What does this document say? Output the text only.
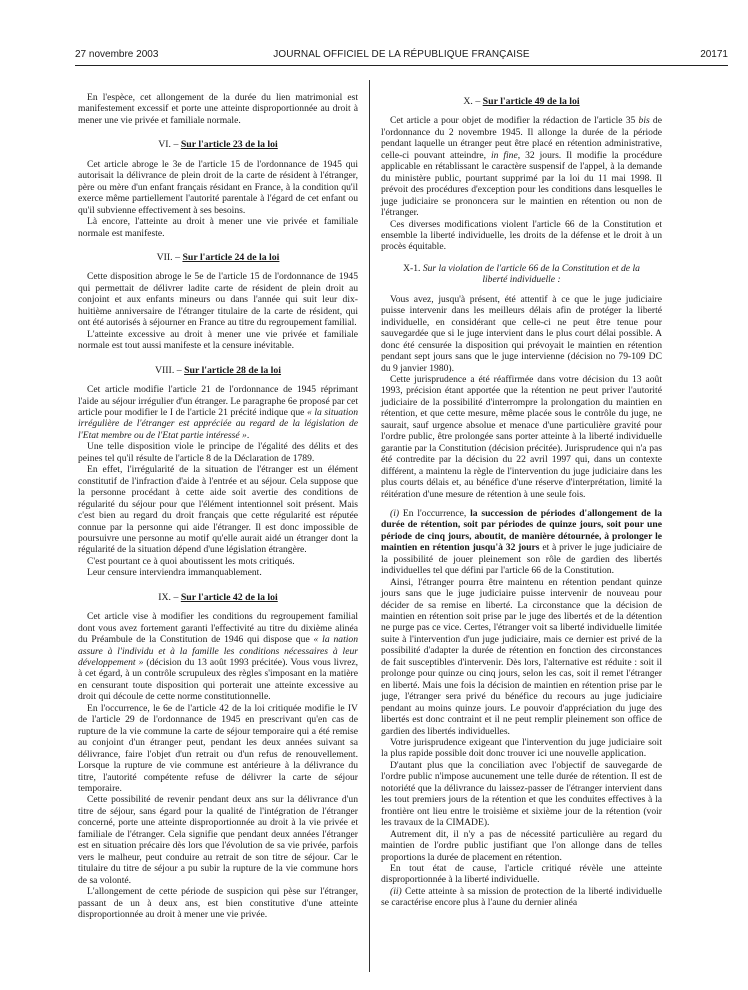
27 novembre 2003	JOURNAL OFFICIEL DE LA RÉPUBLIQUE FRANÇAISE	20171

En l'espèce, cet allongement de la durée du lien matrimonial est manifestement excessif et porte une atteinte disproportionnée au droit à mener une vie privée et familiale normale.

VI. – Sur l'article 23 de la loi

Cet article abroge le 3e de l'article 15 de l'ordonnance de 1945 qui autorisait la délivrance de plein droit de la carte de résident à l'étranger, père ou mère d'un enfant français résidant en France, à la condition qu'il exerce même partiellement l'autorité parentale à l'égard de cet enfant ou qu'il subvienne effectivement à ses besoins.

Là encore, l'atteinte au droit à mener une vie privée et familiale normale est manifeste.

VII. – Sur l'article 24 de la loi

Cette disposition abroge le 5e de l'article 15 de l'ordonnance de 1945 qui permettait de délivrer ladite carte de résident de plein droit au conjoint et aux enfants mineurs ou dans l'année qui suit leur dix-huitième anniversaire de l'étranger titulaire de la carte de résident, qui ont été autorisés à séjourner en France au titre du regroupement familial.

L'atteinte excessive au droit à mener une vie privée et familiale normale est tout aussi manifeste et la censure inévitable.

VIII. – Sur l'article 28 de la loi

Cet article modifie l'article 21 de l'ordonnance de 1945 réprimant l'aide au séjour irrégulier d'un étranger. Le paragraphe 6e proposé par cet article pour modifier le I de l'article 21 précité indique que « la situation irrégulière de l'étranger est appréciée au regard de la législation de l'Etat membre ou de l'Etat partie intéressé ».

Une telle disposition viole le principe de l'égalité des délits et des peines tel qu'il résulte de l'article 8 de la Déclaration de 1789.

En effet, l'irrégularité de la situation de l'étranger est un élément constitutif de l'infraction d'aide à l'entrée et au séjour. Cela suppose que la personne procédant à cette aide soit avertie des conditions de régularité du séjour pour que l'élément intentionnel soit présent. Mais c'est bien au regard du droit français que cette régularité est réputée connue par la personne qui aide l'étranger. Il est donc impossible de poursuivre une personne au motif qu'elle aurait aidé un étranger dont la régularité de la situation dépend d'une législation étrangère.

C'est pourtant ce à quoi aboutissent les mots critiqués.

Leur censure interviendra immanquablement.

IX. – Sur l'article 42 de la loi

Cet article vise à modifier les conditions du regroupement familial dont vous avez fortement garanti l'effectivité au titre du dixième alinéa du Préambule de la Constitution de 1946 qui dispose que « la nation assure à l'individu et à la famille les conditions nécessaires à leur développement » (décision du 13 août 1993 précitée). Vous vous livrez, à cet égard, à un contrôle scrupuleux des règles s'imposant en la matière en censurant toute disposition qui porterait une atteinte excessive au droit qui découle de cette norme constitutionnelle.

En l'occurrence, le 6e de l'article 42 de la loi critiquée modifie le IV de l'article 29 de l'ordonnance de 1945 en prescrivant qu'en cas de rupture de la vie commune la carte de séjour temporaire qui a été remise au conjoint d'un étranger peut, pendant les deux années suivant sa délivrance, faire l'objet d'un retrait ou d'un refus de renouvellement. Lorsque la rupture de vie commune est antérieure à la délivrance du titre, l'autorité compétente refuse de délivrer la carte de séjour temporaire.

Cette possibilité de revenir pendant deux ans sur la délivrance d'un titre de séjour, sans égard pour la qualité de l'intégration de l'étranger concerné, porte une atteinte disproportionnée au droit à la vie privée et familiale de l'étranger. Cela signifie que pendant deux années l'étranger est en situation précaire dès lors que l'évolution de sa vie privée, parfois vers le malheur, peut conduire au retrait de son titre de séjour. Car le titulaire du titre de séjour a pu subir la rupture de la vie commune hors de sa volonté.

L'allongement de cette période de suspicion qui pèse sur l'étranger, passant de un à deux ans, est bien constitutive d'une atteinte disproportionnée au droit à mener une vie privée.

X. – Sur l'article 49 de la loi

Cet article a pour objet de modifier la rédaction de l'article 35 bis de l'ordonnance du 2 novembre 1945. Il allonge la durée de la période pendant laquelle un étranger peut être placé en rétention administrative, celle-ci pouvant atteindre, in fine, 32 jours. Il modifie la procédure applicable en rétablissant le caractère suspensif de l'appel, à la demande du ministère public, pourtant supprimé par la loi du 11 mai 1998. Il prévoit des procédures d'exception pour les conditions dans lesquelles le juge judiciaire se prononcera sur le maintien en rétention ou non de l'étranger.

Ces diverses modifications violent l'article 66 de la Constitution et ensemble la liberté individuelle, les droits de la défense et le droit à un procès équitable.

X-1. Sur la violation de l'article 66 de la Constitution et de la liberté individuelle :

Vous avez, jusqu'à présent, été attentif à ce que le juge judiciaire puisse intervenir dans les meilleurs délais afin de protéger la liberté individuelle, en considérant que celle-ci ne peut être tenue pour sauvegardée que si le juge intervient dans le plus court délai possible. A donc été censurée la disposition qui prévoyait le maintien en rétention pendant sept jours sans que le juge intervienne (décision no 79-109 DC du 9 janvier 1980).

Cette jurisprudence a été réaffirmée dans votre décision du 13 août 1993, précision étant apportée que la rétention ne peut priver l'autorité judiciaire de la possibilité d'interrompre la prolongation du maintien en rétention, et que cette mesure, même placée sous le contrôle du juge, ne saurait, sauf urgence absolue et menace d'une particulière gravité pour l'ordre public, être prolongée sans porter atteinte à la liberté individuelle garantie par la Constitution (décision précitée). Jurisprudence qui n'a pas été contredite par la décision du 22 avril 1997 qui, dans un contexte différent, a maintenu la règle de l'intervention du juge judiciaire dans les plus courts délais et, au bénéfice d'une réserve d'interprétation, limité la réitération d'une mesure de rétention à une seule fois.

(i) En l'occurrence, la succession de périodes d'allongement de la durée de rétention, soit par périodes de quinze jours, soit pour une période de cinq jours, aboutit, de manière détournée, à prolonger le maintien en rétention jusqu'à 32 jours et à priver le juge judiciaire de la possibilité de jouer pleinement son rôle de gardien des libertés individuelles tel que défini par l'article 66 de la Constitution.

Ainsi, l'étranger pourra être maintenu en rétention pendant quinze jours sans que le juge judiciaire puisse intervenir de nouveau pour décider de sa remise en liberté. La circonstance que la décision de maintien en rétention soit prise par le juge des libertés et de la détention ne purge pas ce vice. Certes, l'étranger voit sa liberté individuelle limitée suite à l'intervention d'un juge judiciaire, mais ce dernier est privé de la possibilité d'adapter la durée de rétention en fonction des circonstances de fait susceptibles d'intervenir. Dès lors, l'alternative est réduite : soit il prolonge pour quinze ou cinq jours, selon les cas, soit il remet l'étranger en liberté. Mais une fois la décision de maintien en rétention prise par le juge, l'étranger sera privé du bénéfice du recours au juge judiciaire pendant au moins quinze jours. Le pouvoir d'appréciation du juge des libertés est donc contraint et il ne peut remplir pleinement son office de gardien des libertés individuelles.

Votre jurisprudence exigeant que l'intervention du juge judiciaire soit la plus rapide possible doit donc trouver ici une nouvelle application.

D'autant plus que la conciliation avec l'objectif de sauvegarde de l'ordre public n'impose aucunement une telle durée de rétention. Il est de notoriété que la délivrance du laissez-passer de l'étranger intervient dans les tout premiers jours de la rétention et que les conduites effectives à la frontière ont lieu entre le troisième et sixième jour de la rétention (voir les travaux de la CIMADE).

Autrement dit, il n'y a pas de nécessité particulière au regard du maintien de l'ordre public justifiant que l'on allonge dans de telles proportions la durée de placement en rétention.

En tout état de cause, l'article critiqué révèle une atteinte disproportionnée à la liberté individuelle.

(ii) Cette atteinte à sa mission de protection de la liberté individuelle se caractérise encore plus à l'aune du dernier alinéa
